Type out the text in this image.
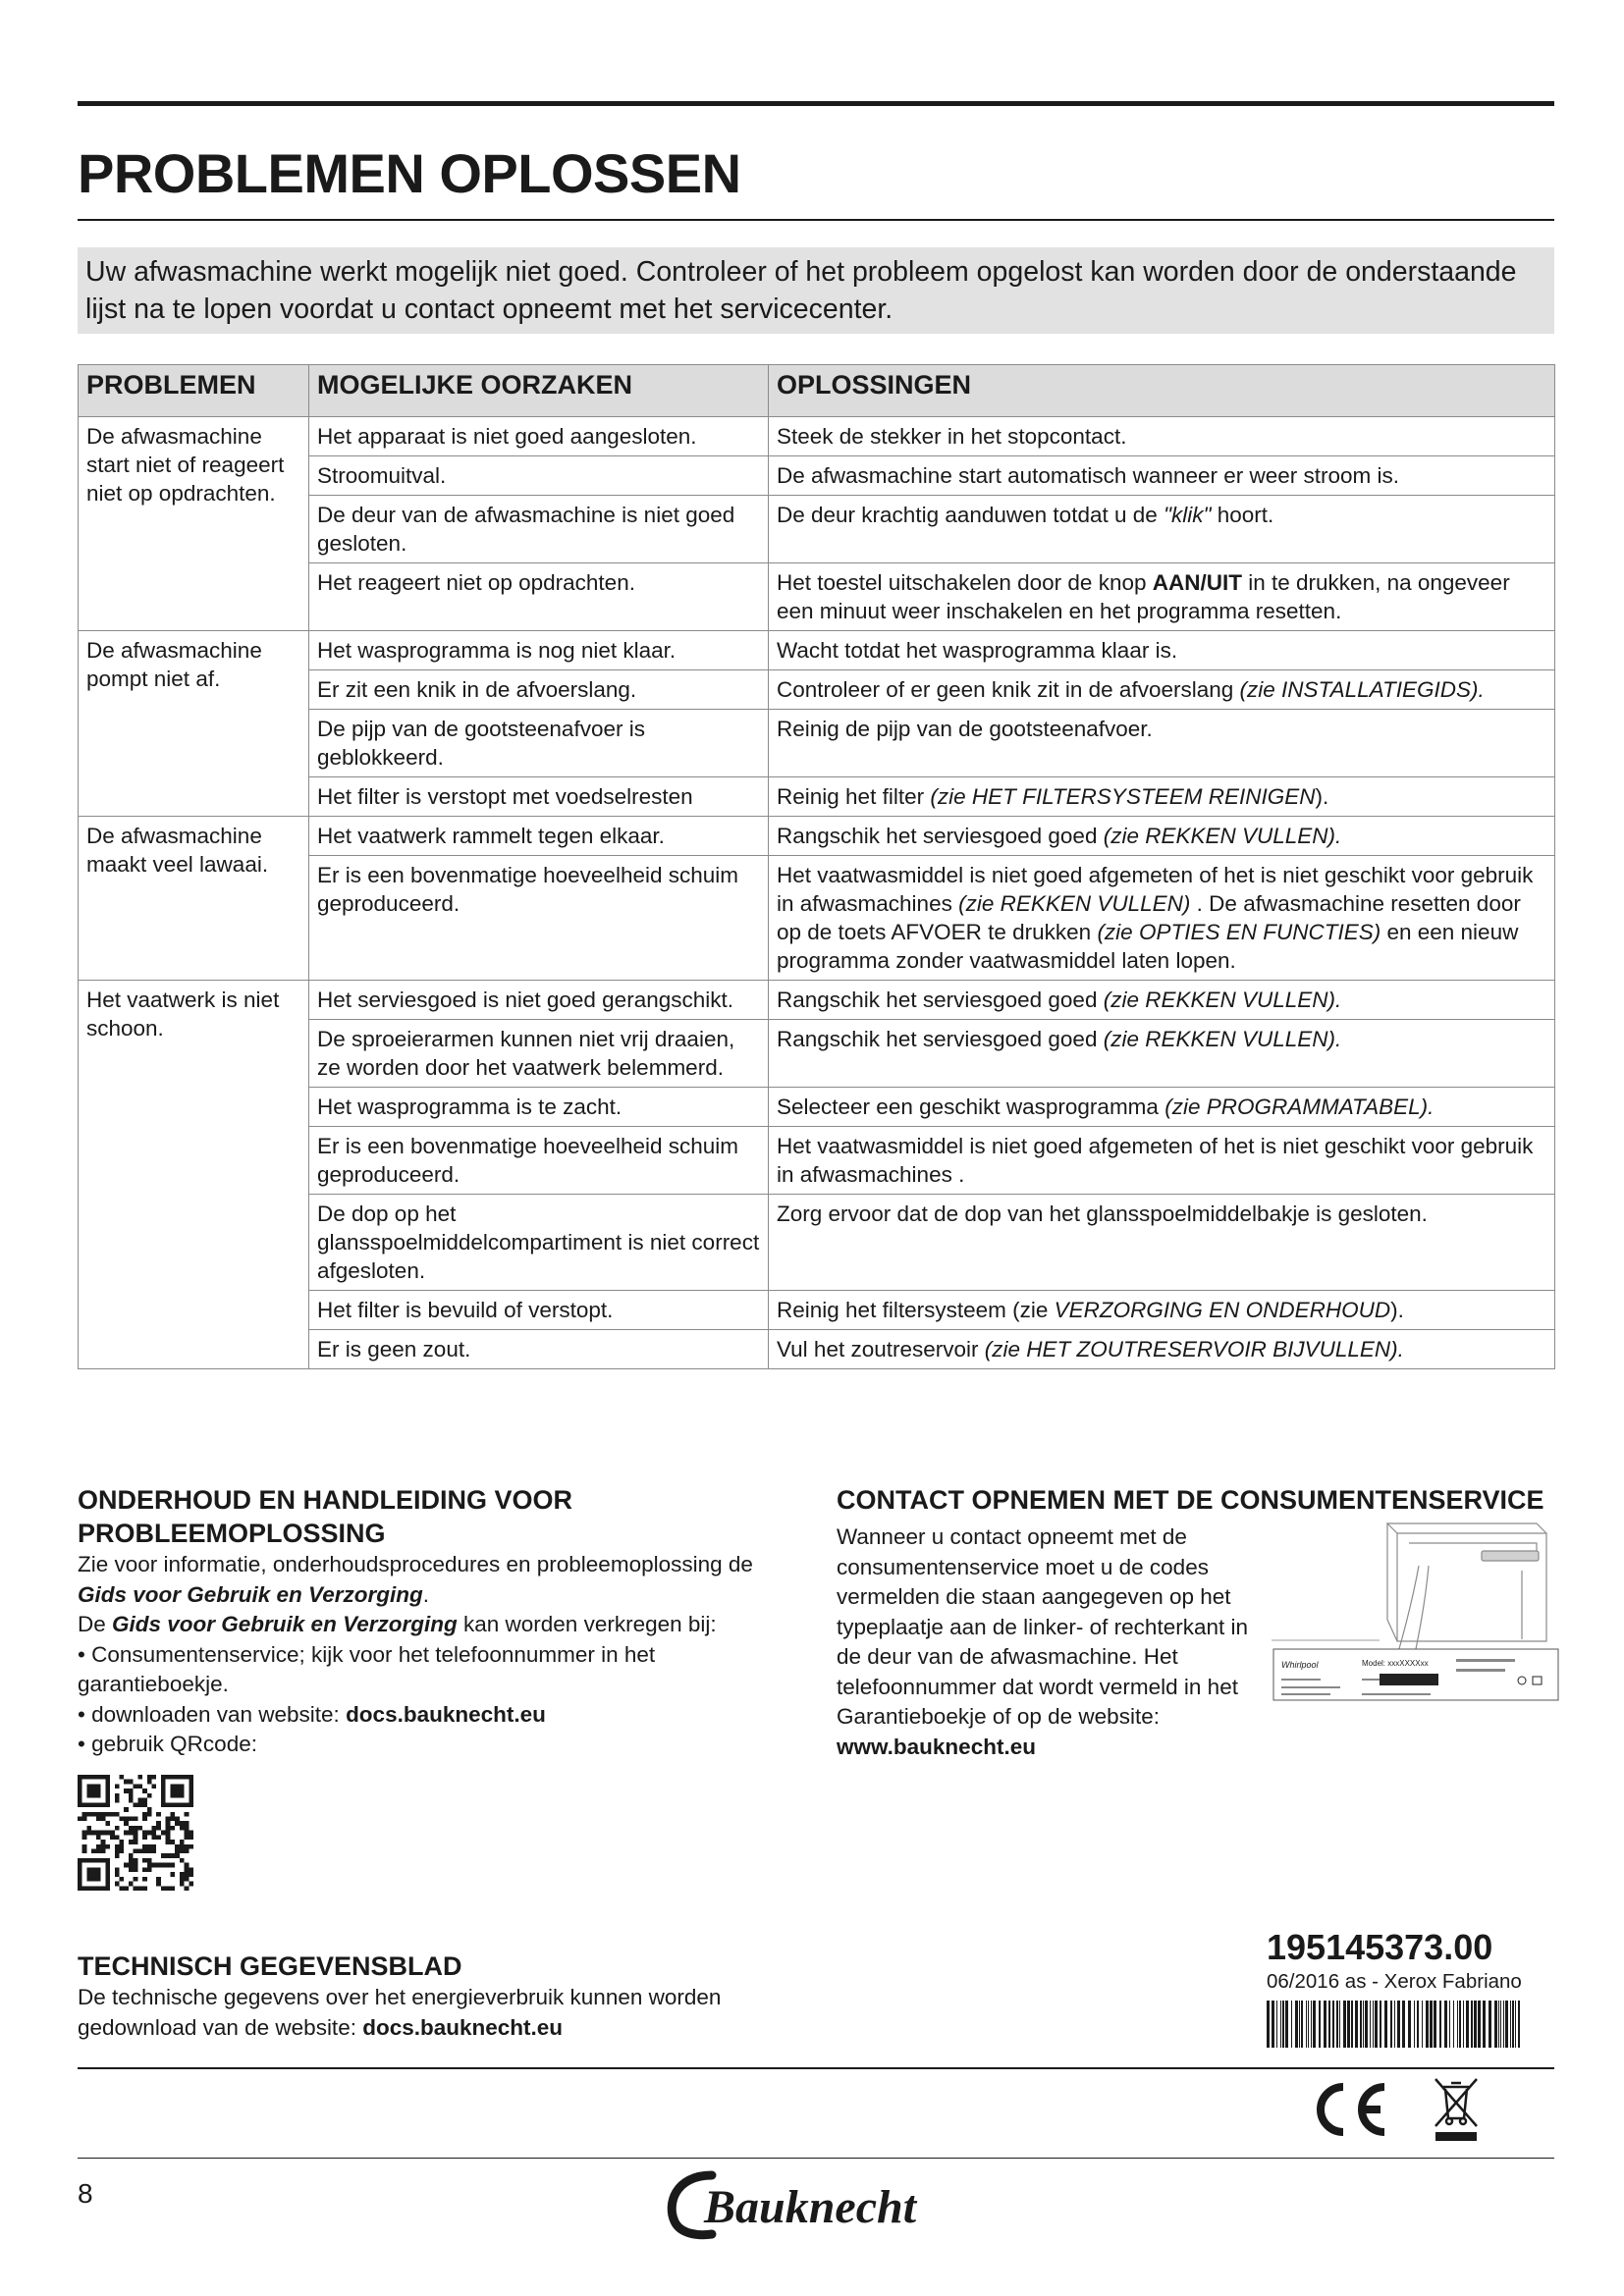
PROBLEMEN OPLOSSEN
Uw afwasmachine werkt mogelijk niet goed. Controleer of het probleem opgelost kan worden door de onderstaande lijst na te lopen voordat u contact opneemt met het servicecenter.
PROBLEMEN	MOGELIJKE OORZAKEN	OPLOSSINGEN
De afwasmachine start niet of reageert niet op opdrachten.	Het apparaat is niet goed aangesloten.	Steek de stekker in het stopcontact.
	Stroomuitval.	De afwasmachine start automatisch wanneer er weer stroom is.
	De deur van de afwasmachine is niet goed gesloten.	De deur krachtig aanduwen totdat u de "klik" hoort.
	Het reageert niet op opdrachten.	Het toestel uitschakelen door de knop AAN/UIT in te drukken, na ongeveer een minuut weer inschakelen en het programma resetten.
De afwasmachine pompt niet af.	Het wasprogramma is nog niet klaar.	Wacht totdat het wasprogramma klaar is.
	Er zit een knik in de afvoerslang.	Controleer of er geen knik zit in de afvoerslang (zie INSTALLATIEGIDS).
	De pijp van de gootsteenafvoer is geblokkeerd.	Reinig de pijp van de gootsteenafvoer.
	Het filter is verstopt met voedselresten	Reinig het filter (zie HET FILTERSYSTEEM REINIGEN).
De afwasmachine maakt veel lawaai.	Het vaatwerk rammelt tegen elkaar.	Rangschik het serviesgoed goed (zie REKKEN VULLEN).
	Er is een bovenmatige hoeveelheid schuim geproduceerd.	Het vaatwasmiddel is niet goed afgemeten of het is niet geschikt voor gebruik in afwasmachines (zie REKKEN VULLEN) . De afwasmachine resetten door op de toets AFVOER te drukken (zie OPTIES EN FUNCTIES) en een nieuw programma zonder vaatwasmiddel laten lopen.
Het vaatwerk is niet schoon.	Het serviesgoed is niet goed gerangschikt.	Rangschik het serviesgoed goed (zie REKKEN VULLEN).
	De sproeierarmen kunnen niet vrij draaien, ze worden door het vaatwerk belemmerd.	Rangschik het serviesgoed goed (zie REKKEN VULLEN).
	Het wasprogramma is te zacht.	Selecteer een geschikt wasprogramma (zie PROGRAMMATABEL).
	Er is een bovenmatige hoeveelheid schuim geproduceerd.	Het vaatwasmiddel is niet goed afgemeten of het is niet geschikt voor gebruik in afwasmachines .
	De dop op het glansspoelmiddelcompartiment is niet correct afgesloten.	Zorg ervoor dat de dop van het glansspoelmiddelbakje is gesloten.
	Het filter is bevuild of verstopt.	Reinig het filtersysteem (zie VERZORGING EN ONDERHOUD).
	Er is geen zout.	Vul het zoutreservoir (zie HET ZOUTRESERVOIR BIJVULLEN).
ONDERHOUD EN HANDLEIDING VOOR PROBLEEMOPLOSSING

Zie voor informatie, onderhoudsprocedures en probleemoplossing de Gids voor Gebruik en Verzorging.

De Gids voor Gebruik en Verzorging kan worden verkregen bij:

• Consumentenservice; kijk voor het telefoonnummer in het garantieboekje.

• downloaden van website: docs.bauknecht.eu

• gebruik QRcode:

CONTACT OPNEMEN MET DE CONSUMENTENSERVICE
Wanneer u contact opneemt met de consumentenservice moet u de codes vermelden die staan aangegeven op het typeplaatje aan de linker- of rechterkant in de deur van de afwasmachine. Het telefoonnummer dat wordt vermeld in het Garantieboekje of op de website: www.bauknecht.eu
Whirlpool	Model: xxxXXXXxx
TECHNISCH GEGEVENSBLAD
De technische gegevens over het energieverbruik kunnen worden gedownload van de website: docs.bauknecht.eu
195145373.00
06/2016 as - Xerox Fabriano
8	Bauknecht
